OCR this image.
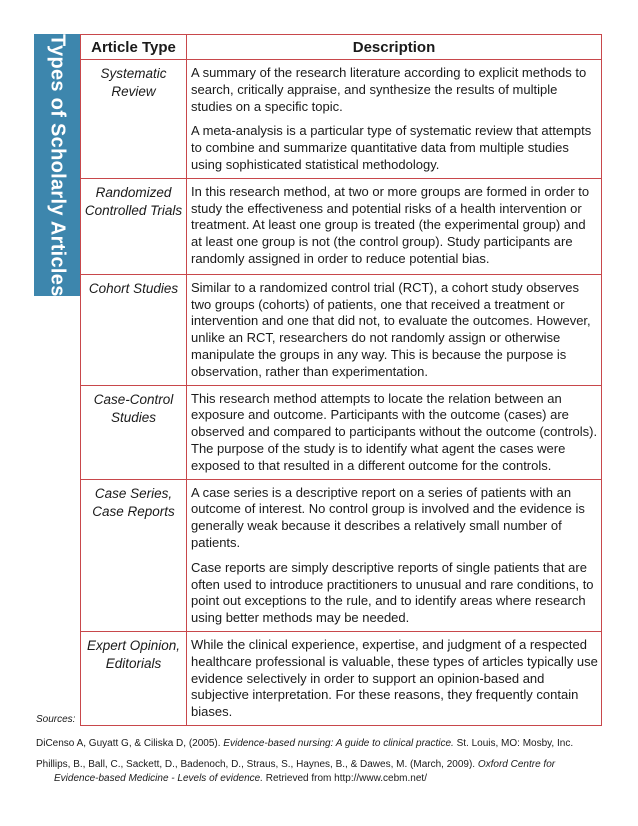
Types of Scholarly Articles Article Type	Description
Systematic Review	A summary of the research literature according to explicit methods to search, critically appraise, and synthesize the results of multiple studies on a specific topic.

A meta-analysis is a particular type of systematic review that attempts to combine and summarize quantitative data from multiple studies using sophisticated statistical methodology.

Randomized Controlled Trials	In this research method, at two or more groups are formed in order to study the effectiveness and potential risks of a health intervention or treatment. At least one group is treated (the experimental group) and at least one group is not (the control group). Study participants are randomly assigned in order to reduce potential bias.

Cohort Studies	Similar to a randomized control trial (RCT), a cohort study observes two groups (cohorts) of patients, one that received a treatment or intervention and one that did not, to evaluate the outcomes. However, unlike an RCT, researchers do not randomly assign or otherwise manipulate the groups in any way. This is because the purpose is observation, rather than experimentation.

Case-Control Studies	This research method attempts to locate the relation between an exposure and outcome. Participants with the outcome (cases) are observed and compared to participants without the outcome (controls). The purpose of the study is to identify what agent the cases were exposed to that resulted in a different outcome for the controls.

Case Series, Case Reports	A case series is a descriptive report on a series of patients with an outcome of interest. No control group is involved and the evidence is generally weak because it describes a relatively small number of patients.

Case reports are simply descriptive reports of single patients that are often used to introduce practitioners to unusual and rare conditions, to point out exceptions to the rule, and to identify areas where research using better methods may be needed.

Expert Opinion, Editorials	While the clinical experience, expertise, and judgment of a respected healthcare professional is valuable, these types of articles typically use evidence selectively in order to support an opinion-based and subjective interpretation. For these reasons, they frequently contain biases.

Sources:

DiCenso A, Guyatt G, & Ciliska D, (2005). Evidence-based nursing: A guide to clinical practice. St. Louis, MO: Mosby, Inc.

Phillips, B., Ball, C., Sackett, D., Badenoch, D., Straus, S., Haynes, B., & Dawes, M. (March, 2009). Oxford Centre for Evidence-based Medicine - Levels of evidence. Retrieved from http://www.cebm.net/
